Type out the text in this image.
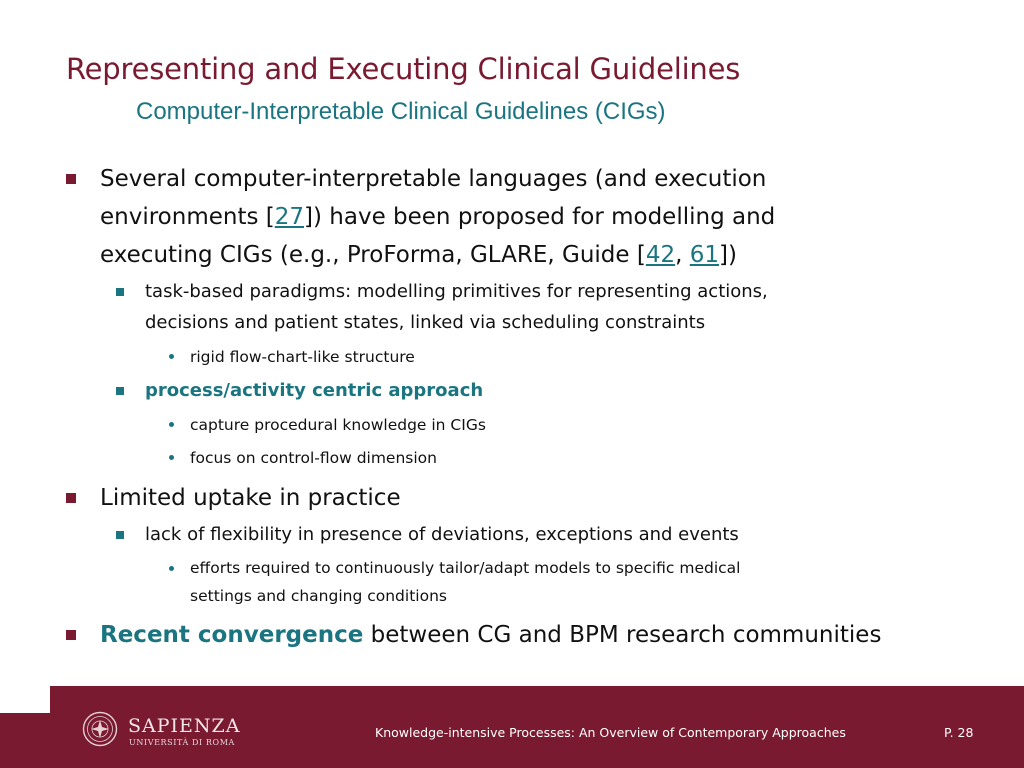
Representing and Executing Clinical Guidelines
Computer-Interpretable Clinical Guidelines (CIGs)
Several computer-interpretable languages (and execution
environments [27]) have been proposed for modelling and
executing CIGs (e.g., ProForma, GLARE, Guide [42, 61])
task-based paradigms: modelling primitives for representing actions,
decisions and patient states, linked via scheduling constraints
rigid flow-chart-like structure
process/activity centric approach
capture procedural knowledge in CIGs
focus on control-flow dimension
Limited uptake in practice
lack of flexibility in presence of deviations, exceptions and events
efforts required to continuously tailor/adapt models to specific medical
settings and changing conditions
Recent convergence between CG and BPM research communities
SAPIENZA
UNIVERSITÀ DI ROMA
Knowledge-intensive Processes: An Overview of Contemporary Approaches	P. 28
